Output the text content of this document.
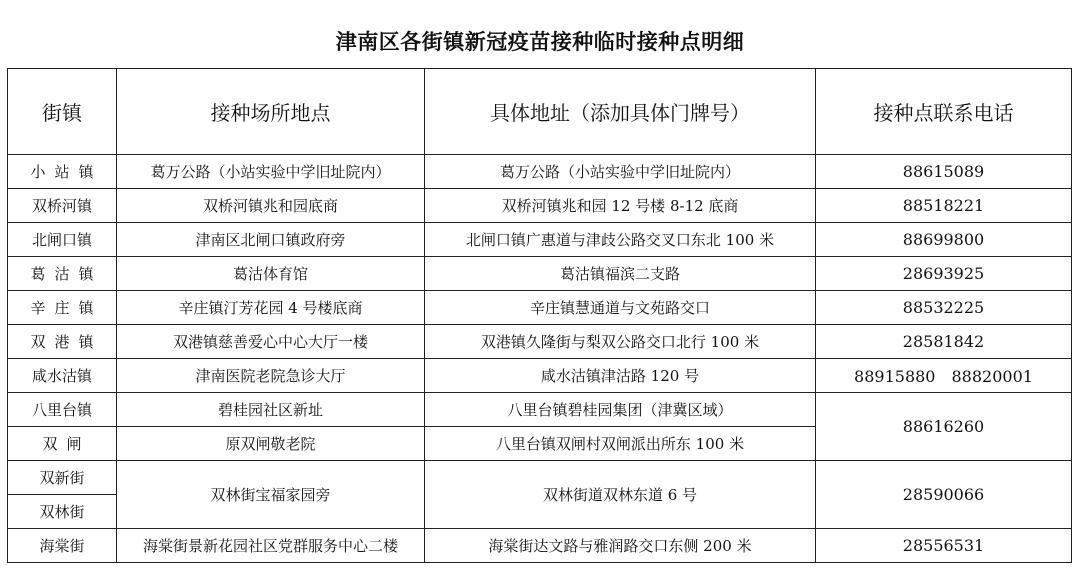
津南区各街镇新冠疫苗接种临时接种点明细
街镇	接种场所地点	具体地址（添加具体门牌号）	接种点联系电话
小站镇	葛万公路（小站实验中学旧址院内）	葛万公路（小站实验中学旧址院内）	88615089
双桥河镇	双桥河镇兆和园底商	双桥河镇兆和园 12 号楼 8-12 底商	88518221
北闸口镇	津南区北闸口镇政府旁	北闸口镇广惠道与津歧公路交叉口东北 100 米	88699800
葛沽镇	葛沽体育馆	葛沽镇福滨二支路	28693925
辛庄镇	辛庄镇汀芳花园 4 号楼底商	辛庄镇慧通道与文苑路交口	88532225
双港镇	双港镇慈善爱心中心大厅一楼	双港镇久隆街与梨双公路交口北行 100 米	28581842
咸水沽镇	津南医院老院急诊大厅	咸水沽镇津沽路 120 号	88915880　88820001
八里台镇	碧桂园社区新址	八里台镇碧桂园集团（津冀区域）	88616260
双闸	原双闸敬老院	八里台镇双闸村双闸派出所东 100 米	
双新街	双林街宝福家园旁	双林街道双林东道 6 号	28590066
双林街			
海棠街	海棠街景新花园社区党群服务中心二楼	海棠街达文路与雅润路交口东侧 200 米	28556531
